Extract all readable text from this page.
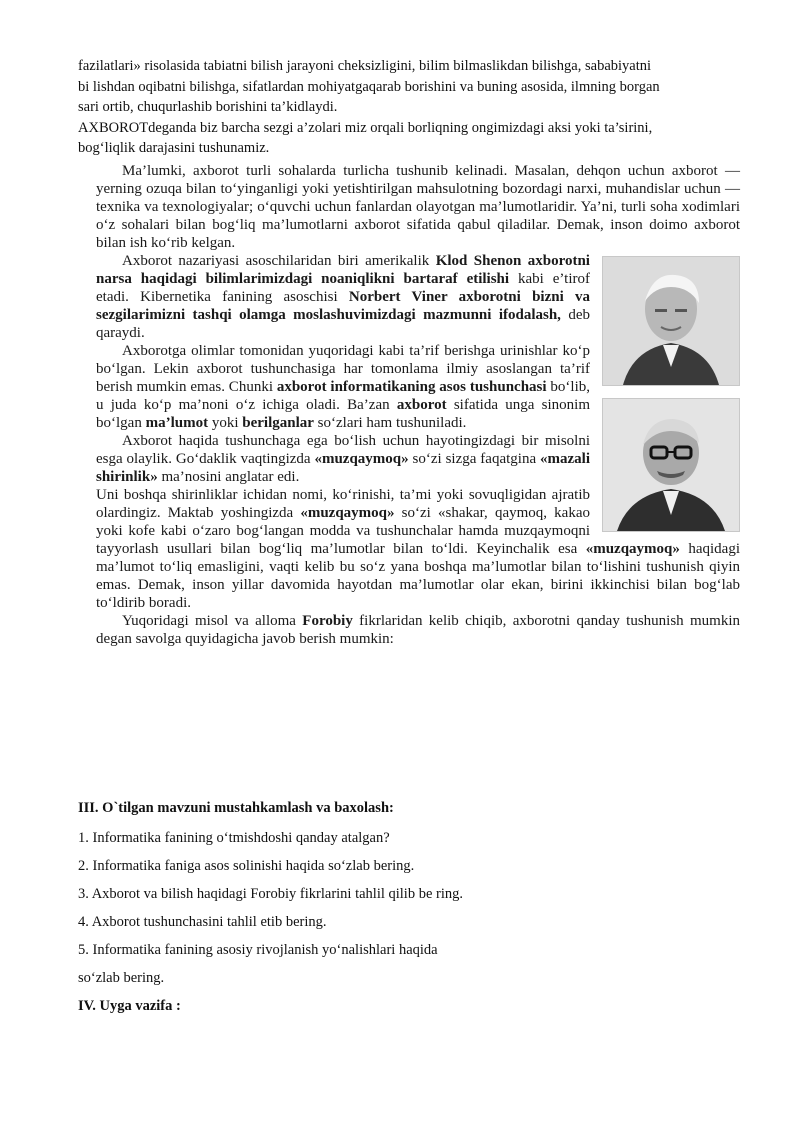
fazilatlari» risolasida tabiatni bilish jarayoni cheksizligini, bilim bilmaslikdan bilishga, sababiyatni

bi lishdan oqibatni bilishga, sifatlardan mohiyatgaqarab borishini va buning asosida, ilmning borgan

sari ortib, chuqurlashib borishini ta’kidlaydi.

AXBOROTdeganda biz barcha sezgi a’zolari miz orqali borliqning ongimizdagi aksi yoki ta’sirini,

bog‘liqlik darajasini tushunamiz.

Ma’lumki, axborot turli sohalarda turlicha tushunib kelinadi. Masalan, dehqon uchun axborot — yerning ozuqa bilan to‘yinganligi yoki yetishtirilgan mahsulotning bozordagi narxi, muhandislar uchun — texnika va texnologiyalar; o‘quvchi uchun fanlardan olayotgan ma’lumotlaridir. Ya’ni, turli soha xodimlari o‘z sohalari bilan bog‘liq ma’lumotlarni axborot sifatida qabul qiladilar. Demak, inson doimo axborot bilan ish ko‘rib kelgan.

Axborot nazariyasi asoschilaridan biri amerikalik Klod Shenon axborotni narsa haqidagi bilimlarimizdagi noaniqlikni bartaraf etilishi kabi e’tirof etadi. Kibernetika fanining asoschisi Norbert Viner axborotni bizni va sezgilarimizni tashqi olamga moslashuvimizdagi mazmunni ifodalash, deb qaraydi.

Axborotga olimlar tomonidan yuqoridagi kabi ta’rif berishga urinishlar ko‘p bo‘lgan. Lekin axborot tushunchasiga har tomonlama ilmiy asoslangan ta’rif berish mumkin emas. Chunki axborot informatikaning asos tushunchasi bo‘lib, u juda ko‘p ma’noni o‘z ichiga oladi. Ba’zan axborot sifatida unga sinonim bo‘lgan ma’lumot yoki berilganlar so‘zlari ham tushuniladi.

Axborot haqida tushunchaga ega bo‘lish uchun hayotingizdagi bir misolni esga olaylik. Go‘daklik vaqtingizda «muzqaymoq» so‘zi sizga faqatgina «mazali shirinlik» ma’nosini anglatar edi.

Uni boshqa shirinliklar ichidan nomi, ko‘rinishi, ta’mi yoki sovuqligidan ajratib olardingiz. Maktab yoshingizda «muzqaymoq» so‘zi «shakar, qaymoq, kakao yoki kofe kabi o‘zaro bog‘langan modda va tushunchalar hamda muzqaymoqni tayyorlash usullari bilan bog‘liq ma’lumotlar bilan to‘ldi. Keyinchalik esa «muzqaymoq» haqidagi ma’lumot to‘liq emasligini, vaqti kelib bu so‘z yana boshqa ma’lumotlar bilan to‘lishini tushunish qiyin emas. Demak, inson yillar davomida hayotdan ma’lumotlar olar ekan, birini ikkinchisi bilan bog‘lab to‘ldirib boradi.

Yuqoridagi misol va alloma Forobiy fikrlaridan kelib chiqib, axborotni qanday tushunish mumkin degan savolga quyidagicha javob berish mumkin:

III. O`tilgan mavzuni mustahkamlash va baxolash:
1. Informatika fanining o‘tmishdoshi qanday atalgan?
2. Informatika faniga asos solinishi haqida so‘zlab bering.
3. Axborot va bilish haqidagi Forobiy fikrlarini tahlil qilib be ring.
4. Axborot tushunchasini tahlil etib bering.
5. Informatika fanining asosiy rivojlanish yo‘nalishlari haqida
so‘zlab bering.
IV. Uyga vazifa :
